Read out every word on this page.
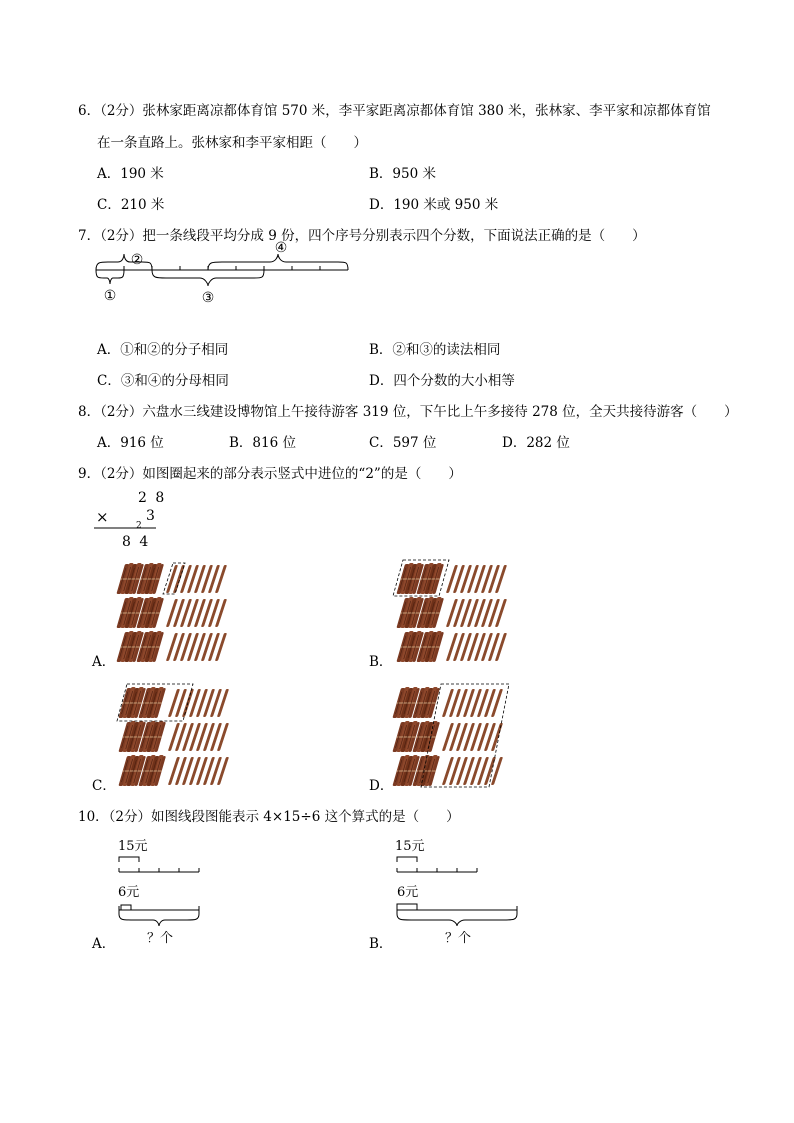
6．（2分）张林家距离凉都体育馆 570 米，李平家距离凉都体育馆 380 米，张林家、李平家和凉都体育馆
在一条直路上。张林家和李平家相距（　　）
A．190 米	B．950 米
C．210 米	D．190 米或 950 米
7．（2分）把一条线段平均分成 9 份，四个序号分别表示四个分数，下面说法正确的是（　　）
②
④
①	③
A．①和②的分子相同	B．②和③的读法相同
C．③和④的分母相同	D．四个分数的大小相等
8．（2分）六盘水三线建设博物馆上午接待游客 319 位，下午比上午多接待 278 位，全天共接待游客（　　）
A．916 位	B．816 位	C．597 位	D．282 位
9．（2分）如图圈起来的部分表示竖式中进位的“2”的是（　　）
2 8
×	2
3
8 4
A．	B．
C．	D．
10．（2分）如图线段图能表示 4×15÷6 这个算式的是（　　）
15元
6元
？个
A．
15元
6元
？个
B．
